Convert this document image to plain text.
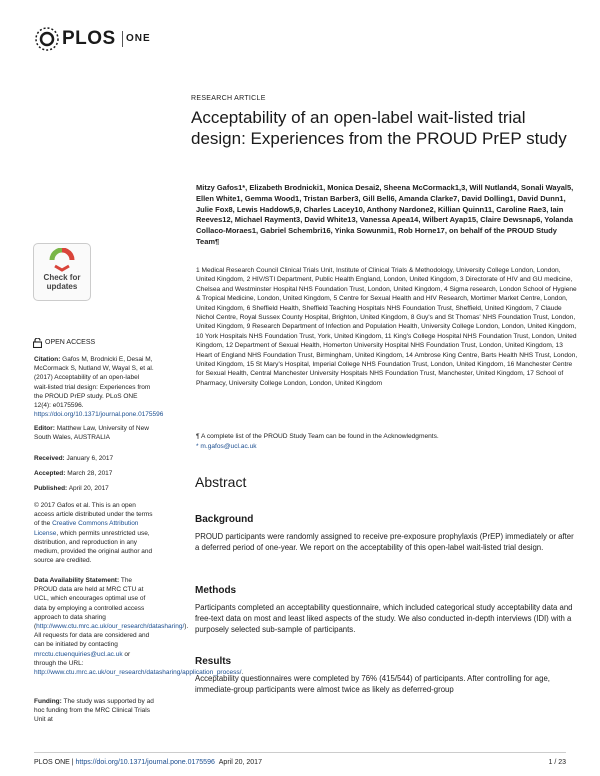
PLOS ONE
Check for updates
OPEN ACCESS
Citation: Gafos M, Brodnicki E, Desai M, McCormack S, Nutland W, Wayal S, et al. (2017) Acceptability of an open-label wait-listed trial design: Experiences from the PROUD PrEP study. PLoS ONE 12(4): e0175596. https://doi.org/10.1371/journal.pone.0175596
Editor: Matthew Law, University of New South Wales, AUSTRALIA
Received: January 6, 2017
Accepted: March 28, 2017
Published: April 20, 2017
© 2017 Gafos et al. This is an open access article distributed under the terms of the Creative Commons Attribution License, which permits unrestricted use, distribution, and reproduction in any medium, provided the original author and source are credited.
Data Availability Statement: The PROUD data are held at MRC CTU at UCL, which encourages optimal use of data by employing a controlled access approach to data sharing (http://www.ctu.mrc.ac.uk/our_research/datasharing/). All requests for data are considered and can be initiated by contacting mrcctu.ctuenquiries@ucl.ac.uk or through the URL: http://www.ctu.mrc.ac.uk/our_research/datasharing/application_process/.
Funding: The study was supported by ad hoc funding from the MRC Clinical Trials Unit at
RESEARCH ARTICLE
Acceptability of an open-label wait-listed trial design: Experiences from the PROUD PrEP study
Mitzy Gafos1*, Elizabeth Brodnicki1, Monica Desai2, Sheena McCormack1,3, Will Nutland4, Sonali Wayal5, Ellen White1, Gemma Wood1, Tristan Barber3, Gill Bell6, Amanda Clarke7, David Dolling1, David Dunn1, Julie Fox8, Lewis Haddow5,9, Charles Lacey10, Anthony Nardone2, Killian Quinn11, Caroline Rae3, Iain Reeves12, Michael Rayment3, David White13, Vanessa Apea14, Wilbert Ayap15, Claire Dewsnap6, Yolanda Collaco-Moraes1, Gabriel Schembri16, Yinka Sowunmi1, Rob Horne17, on behalf of the PROUD Study Team¶
1 Medical Research Council Clinical Trials Unit, Institute of Clinical Trials & Methodology, University College London, London, United Kingdom, 2 HIV/STI Department, Public Health England, London, United Kingdom, 3 Directorate of HIV and GU medicine, Chelsea and Westminster Hospital NHS Foundation Trust, London, United Kingdom, 4 Sigma research, London School of Hygiene & Tropical Medicine, London, United Kingdom, 5 Centre for Sexual Health and HIV Research, Mortimer Market Centre, London, United Kingdom, 6 Sheffield Health, Sheffield Teaching Hospitals NHS Foundation Trust, Sheffield, United Kingdom, 7 Claude Nichol Centre, Royal Sussex County Hospital, Brighton, United Kingdom, 8 Guy's and St Thomas' NHS Foundation Trust, London, United Kingdom, 9 Research Department of Infection and Population Health, University College London, London, United Kingdom, 10 York Hospitals NHS Foundation Trust, York, United Kingdom, 11 King's College Hospital NHS Foundation Trust, London, United Kingdom, 12 Department of Sexual Health, Homerton University Hospital NHS Foundation Trust, London, United Kingdom, 13 Heart of England NHS Foundation Trust, Birmingham, United Kingdom, 14 Ambrose King Centre, Barts Health NHS Trust, London, United Kingdom, 15 St Mary's Hospital, Imperial College NHS Foundation Trust, London, United Kingdom, 16 Manchester Centre for Sexual Health, Central Manchester University Hospitals NHS Foundation Trust, Manchester, United Kingdom, 17 School of Pharmacy, University College London, London, United Kingdom
¶ A complete list of the PROUD Study Team can be found in the Acknowledgments.
* m.gafos@ucl.ac.uk
Abstract
Background
PROUD participants were randomly assigned to receive pre-exposure prophylaxis (PrEP) immediately or after a deferred period of one-year. We report on the acceptability of this open-label wait-listed trial design.
Methods
Participants completed an acceptability questionnaire, which included categorical study acceptability data and free-text data on most and least liked aspects of the study. We also conducted in-depth interviews (IDI) with a purposely selected sub-sample of participants.
Results
Acceptability questionnaires were completed by 76% (415/544) of participants. After controlling for age, immediate-group participants were almost twice as likely as deferred-group
PLOS ONE | https://doi.org/10.1371/journal.pone.0175596 April 20, 2017	1 / 23
